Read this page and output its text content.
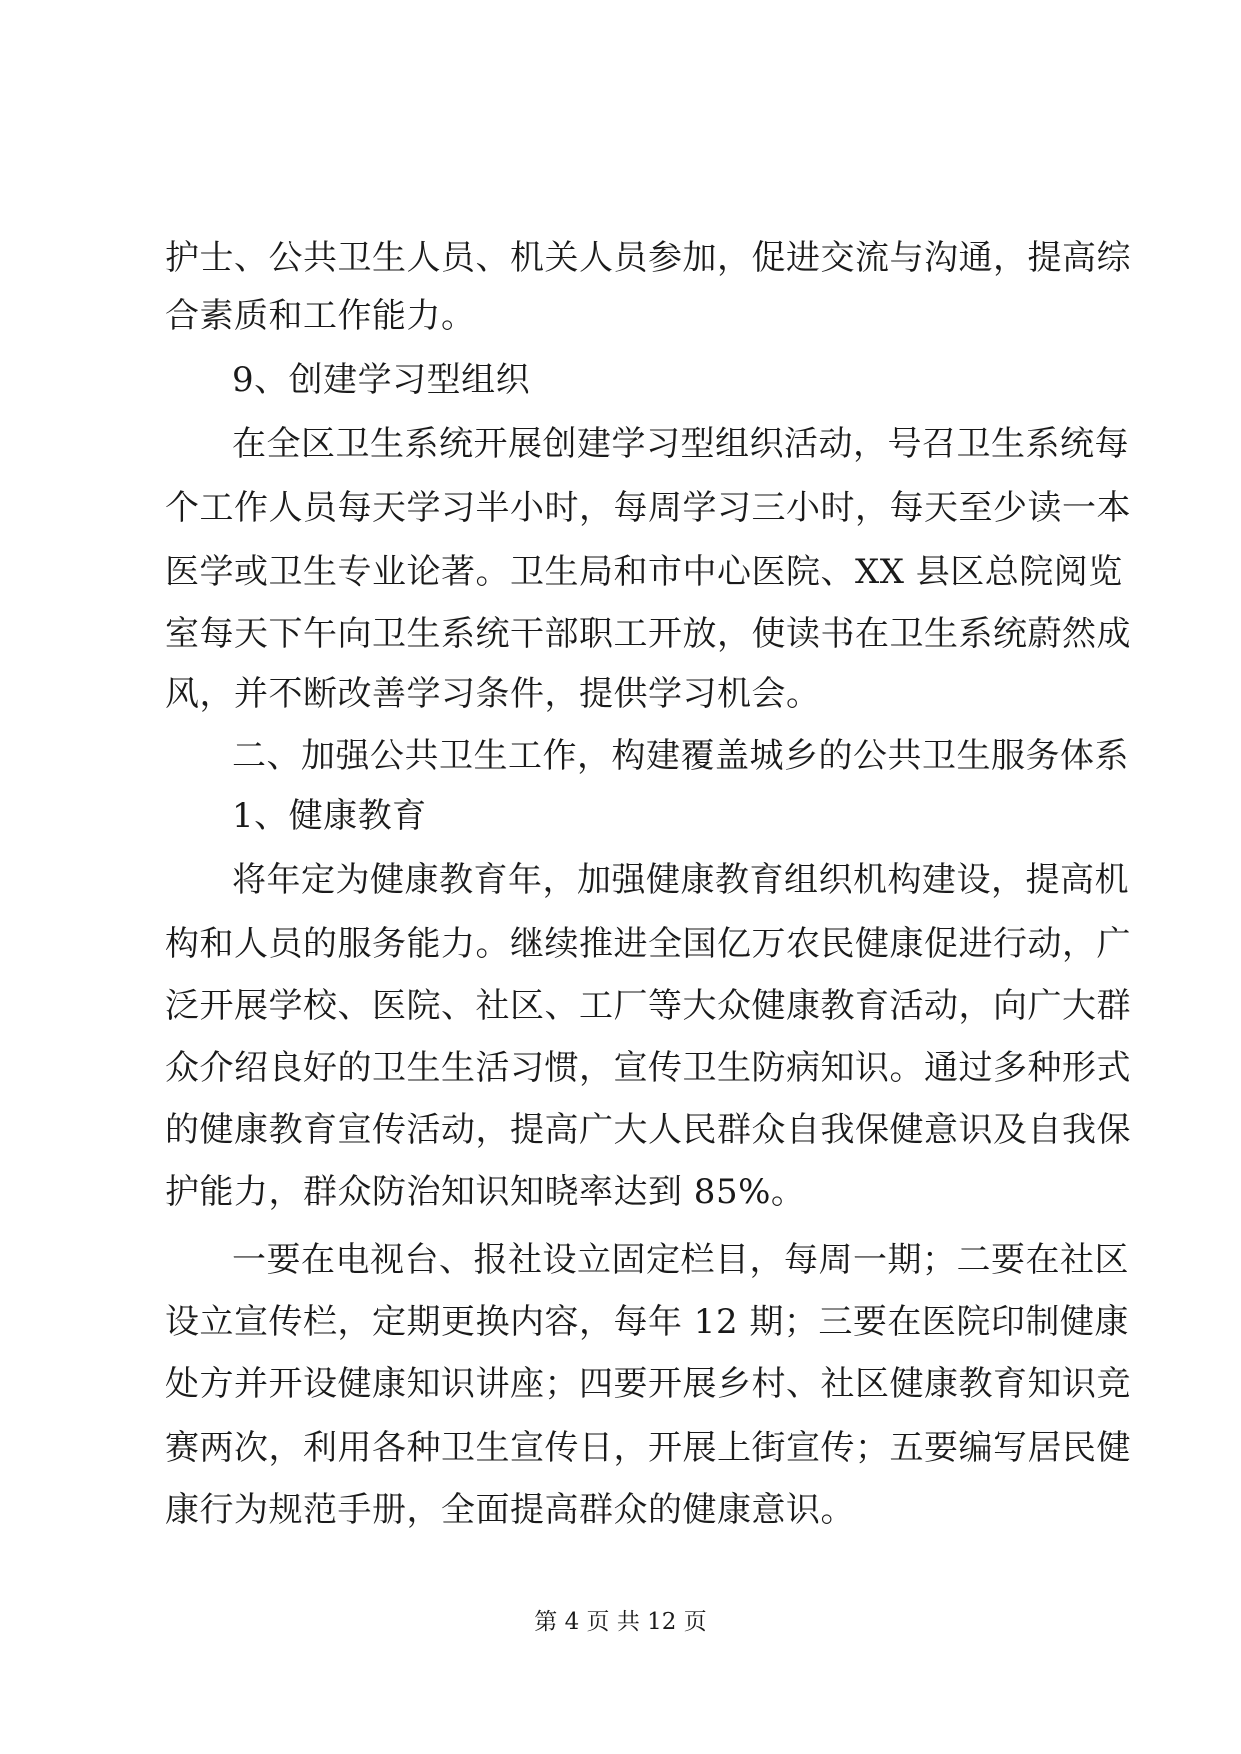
护士、公共卫生人员、机关人员参加，促进交流与沟通，提高综
合素质和工作能力。
9、创建学习型组织
在全区卫生系统开展创建学习型组织活动，号召卫生系统每
个工作人员每天学习半小时，每周学习三小时，每天至少读一本
医学或卫生专业论著。卫生局和市中心医院、XX 县区总院阅览
室每天下午向卫生系统干部职工开放，使读书在卫生系统蔚然成
风，并不断改善学习条件，提供学习机会。
二、加强公共卫生工作，构建覆盖城乡的公共卫生服务体系
1、健康教育
将年定为健康教育年，加强健康教育组织机构建设，提高机
构和人员的服务能力。继续推进全国亿万农民健康促进行动，广
泛开展学校、医院、社区、工厂等大众健康教育活动，向广大群
众介绍良好的卫生生活习惯，宣传卫生防病知识。通过多种形式
的健康教育宣传活动，提高广大人民群众自我保健意识及自我保
护能力，群众防治知识知晓率达到 85%。
一要在电视台、报社设立固定栏目，每周一期；二要在社区
设立宣传栏，定期更换内容，每年 12 期；三要在医院印制健康
处方并开设健康知识讲座；四要开展乡村、社区健康教育知识竞
赛两次，利用各种卫生宣传日，开展上街宣传；五要编写居民健
康行为规范手册，全面提高群众的健康意识。
第 4 页 共 12 页
